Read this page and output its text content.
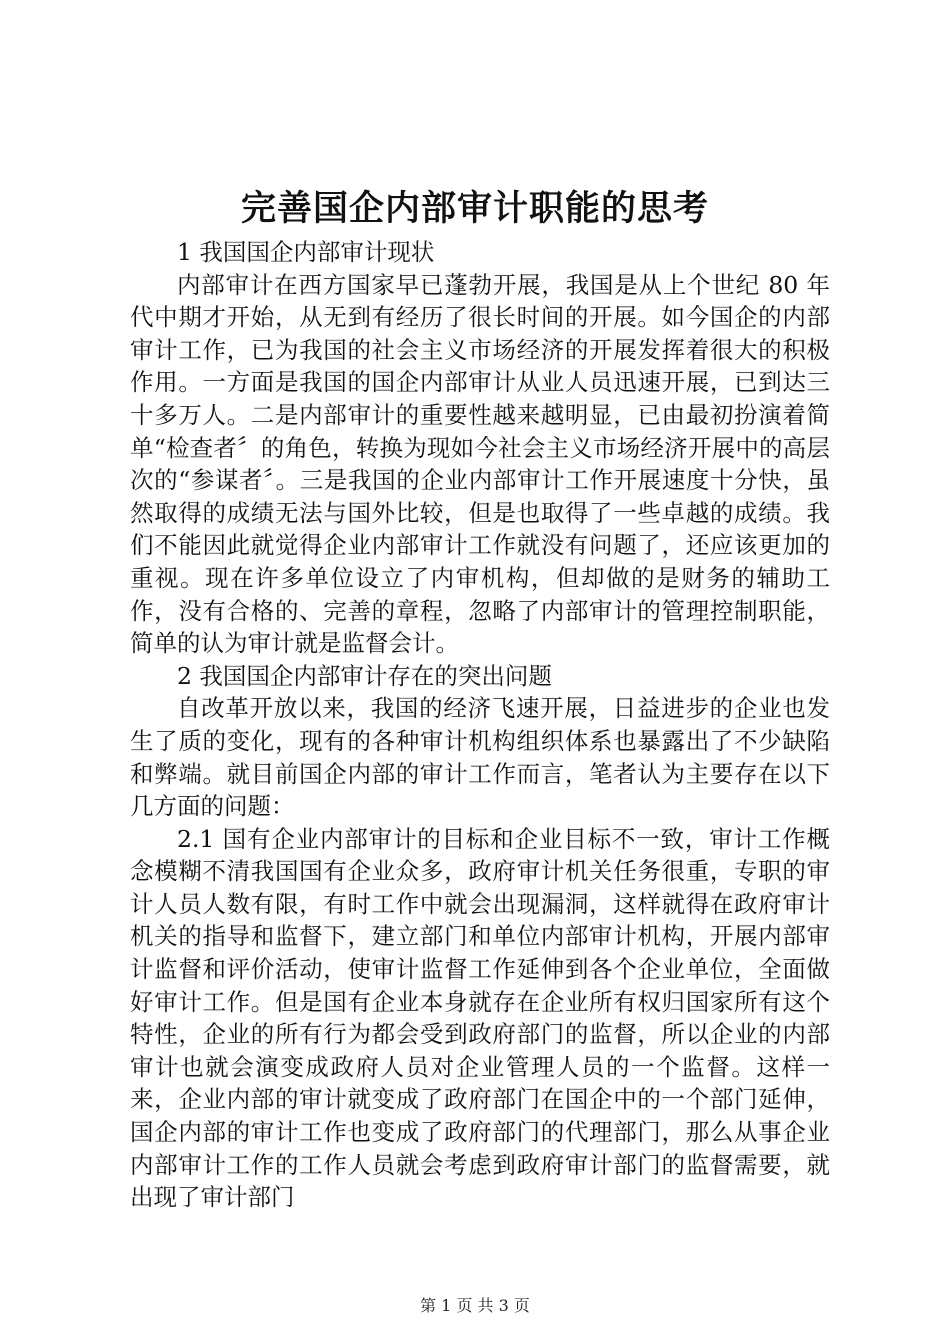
完善国企内部审计职能的思考

1 我国国企内部审计现状

内部审计在西方国家早已蓬勃开展，我国是从上个世纪 80 年代中期才开始，从无到有经历了很长时间的开展。如今国企的内部审计工作，已为我国的社会主义市场经济的开展发挥着很大的积极作用。一方面是我国的国企内部审计从业人员迅速开展，已到达三十多万人。二是内部审计的重要性越来越明显，已由最初扮演着简单“检查者〞的角色，转换为现如今社会主义市场经济开展中的高层次的“参谋者〞。三是我国的企业内部审计工作开展速度十分快，虽然取得的成绩无法与国外比较，但是也取得了一些卓越的成绩。我们不能因此就觉得企业内部审计工作就没有问题了，还应该更加的重视。现在许多单位设立了内审机构，但却做的是财务的辅助工作，没有合格的、完善的章程，忽略了内部审计的管理控制职能，简单的认为审计就是监督会计。

2 我国国企内部审计存在的突出问题

自改革开放以来，我国的经济飞速开展，日益进步的企业也发生了质的变化，现有的各种审计机构组织体系也暴露出了不少缺陷和弊端。就目前国企内部的审计工作而言，笔者认为主要存在以下几方面的问题：

2.1 国有企业内部审计的目标和企业目标不一致，审计工作概念模糊不清我国国有企业众多，政府审计机关任务很重，专职的审计人员人数有限，有时工作中就会出现漏洞，这样就得在政府审计机关的指导和监督下，建立部门和单位内部审计机构，开展内部审计监督和评价活动，使审计监督工作延伸到各个企业单位，全面做好审计工作。但是国有企业本身就存在企业所有权归国家所有这个特性，企业的所有行为都会受到政府部门的监督，所以企业的内部审计也就会演变成政府人员对企业管理人员的一个监督。这样一来，企业内部的审计就变成了政府部门在国企中的一个部门延伸，国企内部的审计工作也变成了政府部门的代理部门，那么从事企业内部审计工作的工作人员就会考虑到政府审计部门的监督需要，就出现了审计部门

第 1 页 共 3 页
